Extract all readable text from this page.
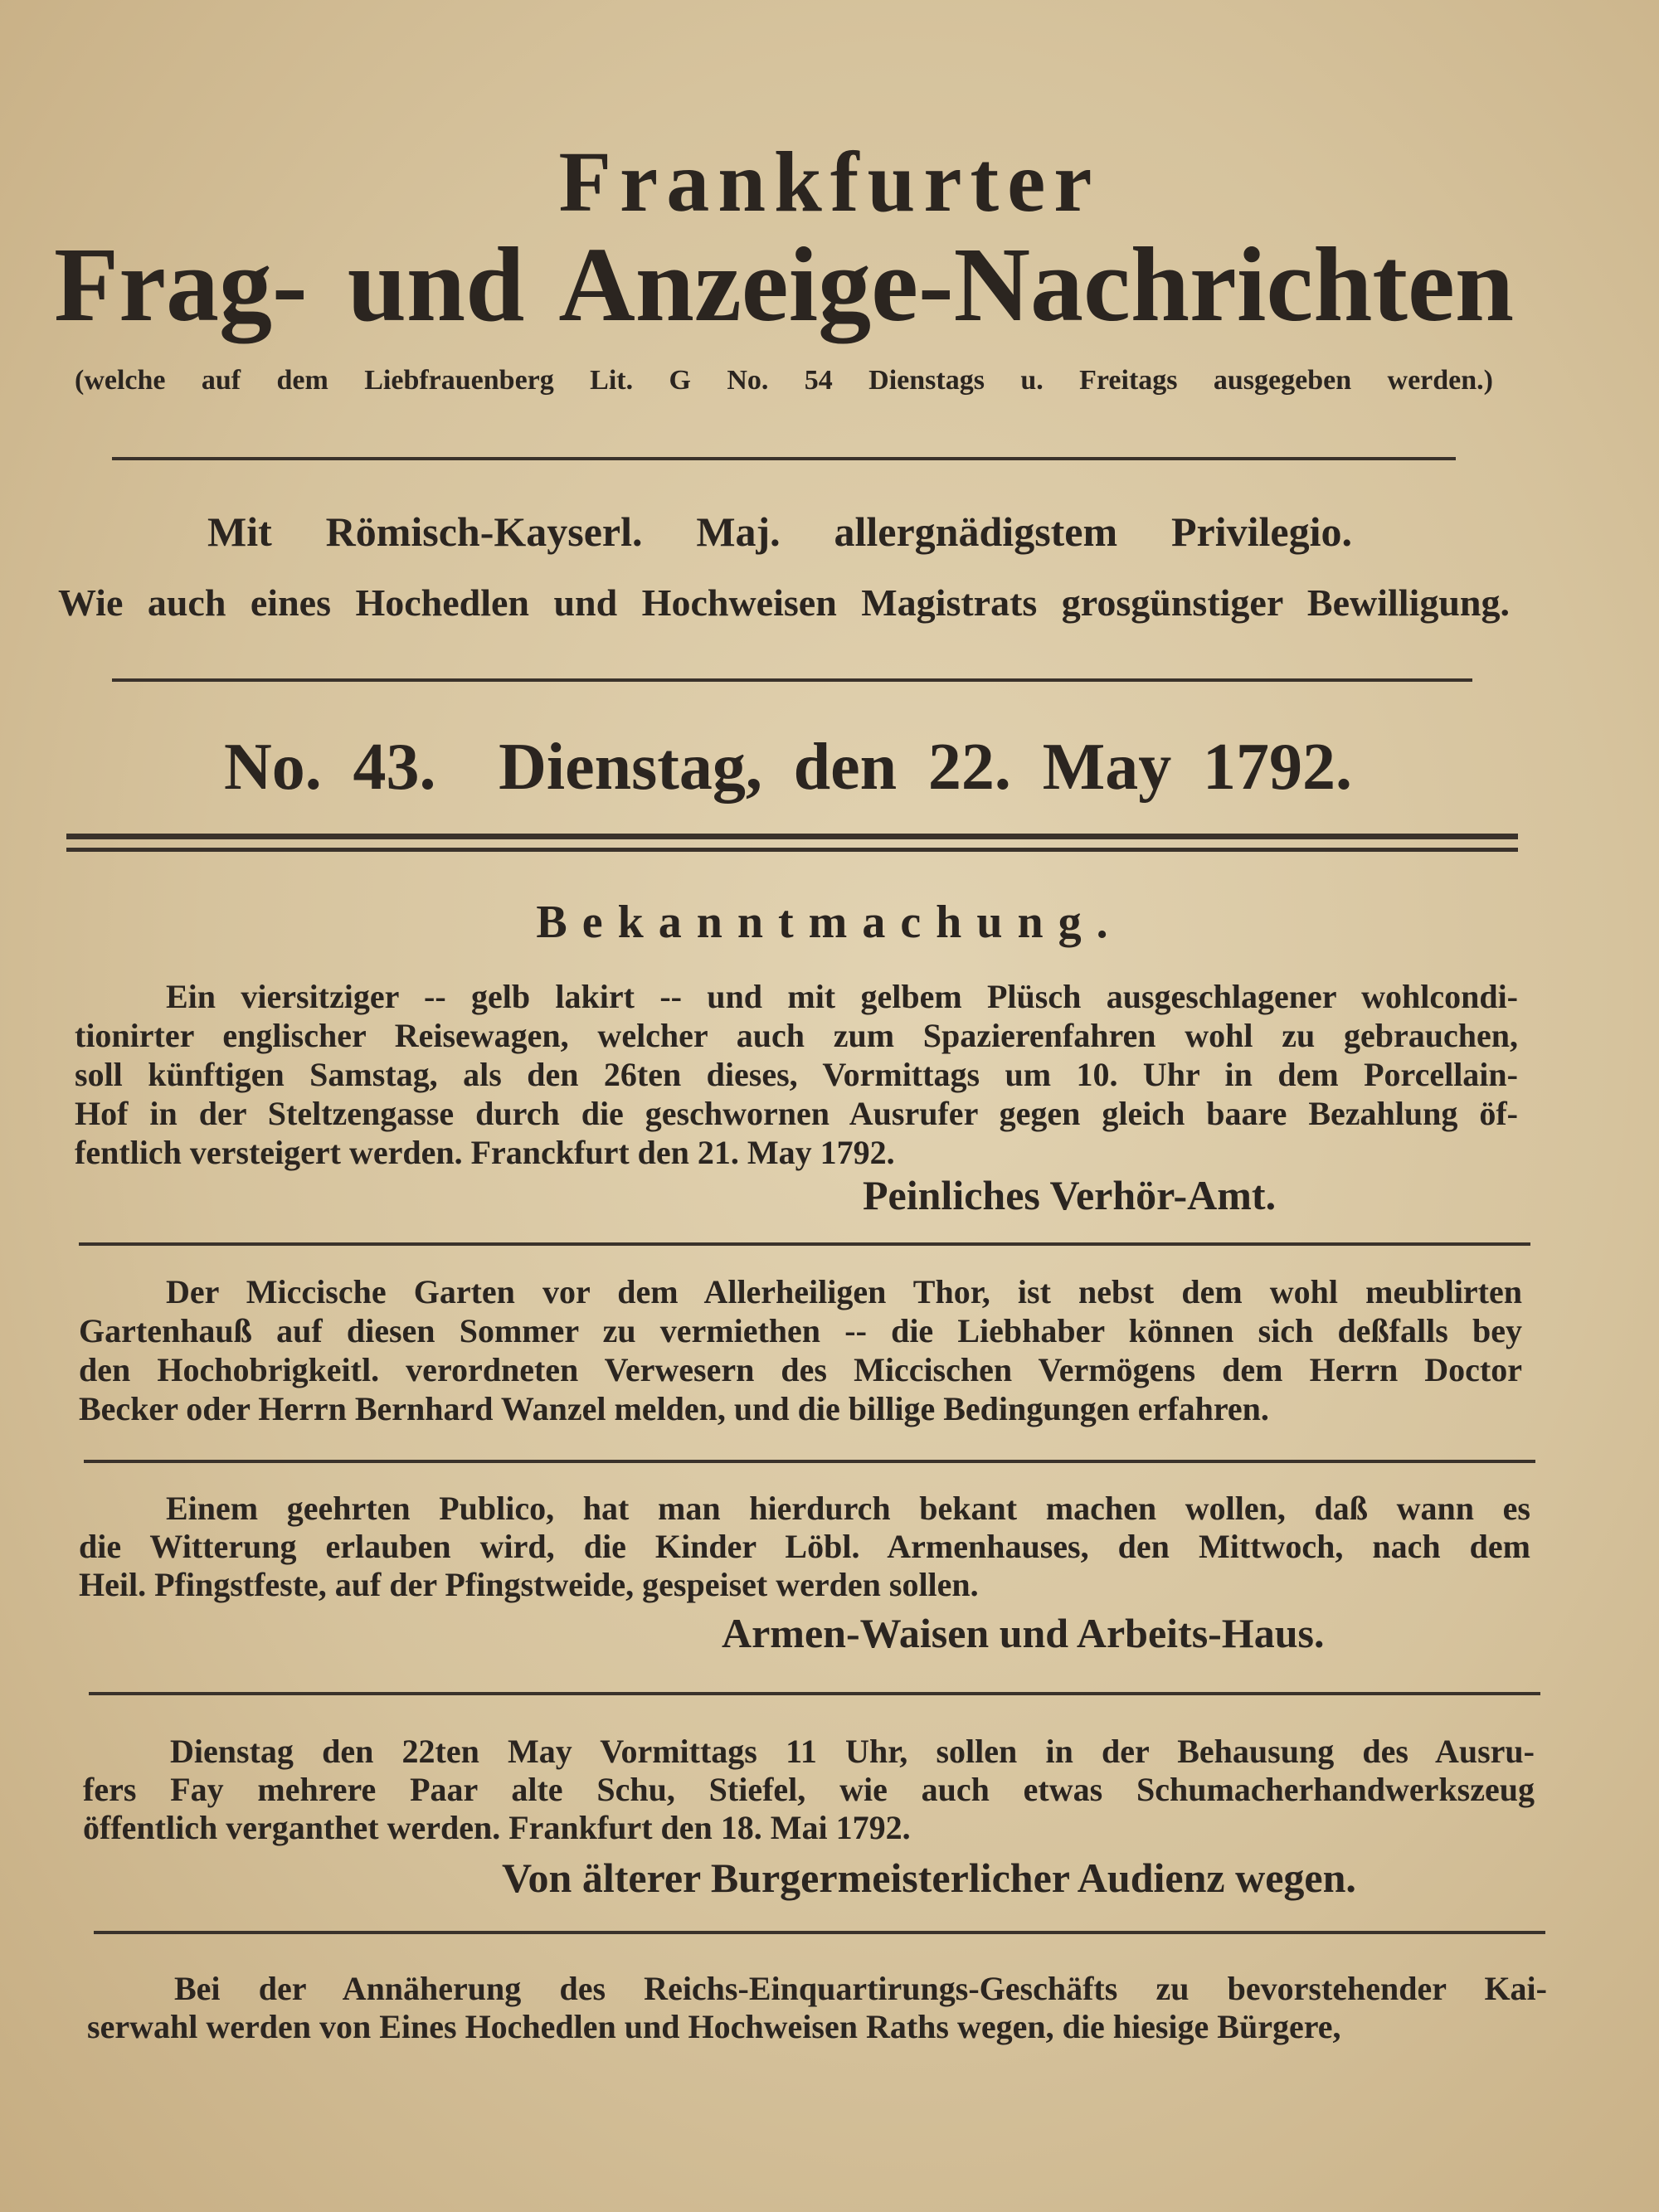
Frankfurter
Frag- und Anzeige-Nachrichten
(welche auf dem Liebfrauenberg Lit. G No. 54 Dienstags u. Freitags ausgegeben werden.)
Mit Römisch-Kayserl. Maj. allergnädigstem Privilegio.
Wie auch eines Hochedlen und Hochweisen Magistrats grosgünstiger Bewilligung.
No. 43.  Dienstag, den 22. May 1792.
Bekanntmachung.
Ein viersitziger -- gelb lakirt -- und mit gelbem Plüsch ausgeschlagener wohlcondi-
tionirter englischer Reisewagen, welcher auch zum Spazierenfahren wohl zu gebrauchen,
soll künftigen Samstag, als den 26ten dieses, Vormittags um 10. Uhr in dem Porcellain-
Hof in der Steltzengasse durch die geschwornen Ausrufer gegen gleich baare Bezahlung öf-
fentlich versteigert werden. Franckfurt den 21. May 1792.
Peinliches Verhör-Amt.
Der Miccische Garten vor dem Allerheiligen Thor, ist nebst dem wohl meublirten
Gartenhauß auf diesen Sommer zu vermiethen -- die Liebhaber können sich deßfalls bey
den Hochobrigkeitl. verordneten Verwesern des Miccischen Vermögens dem Herrn Doctor
Becker oder Herrn Bernhard Wanzel melden, und die billige Bedingungen erfahren.
Einem geehrten Publico, hat man hierdurch bekant machen wollen, daß wann es
die Witterung erlauben wird, die Kinder Löbl. Armenhauses, den Mittwoch, nach dem
Heil. Pfingstfeste, auf der Pfingstweide, gespeiset werden sollen.
Armen-Waisen und Arbeits-Haus.
Dienstag den 22ten May Vormittags 11 Uhr, sollen in der Behausung des Ausru-
fers Fay mehrere Paar alte Schu, Stiefel, wie auch etwas Schumacherhandwerkszeug
öffentlich verganthet werden. Frankfurt den 18. Mai 1792.
Von älterer Burgermeisterlicher Audienz wegen.
Bei der Annäherung des Reichs-Einquartirungs-Geschäfts zu bevorstehender Kai-
serwahl werden von Eines Hochedlen und Hochweisen Raths wegen, die hiesige Bürgere,
